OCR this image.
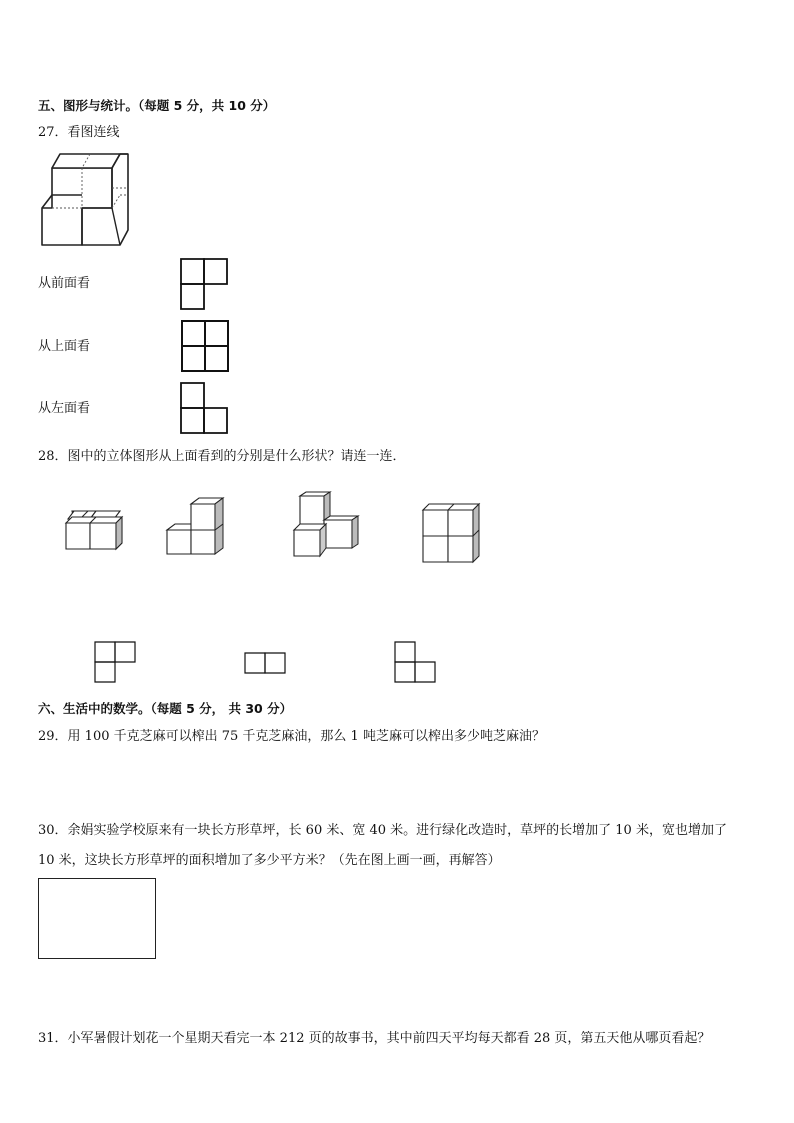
五、图形与统计。（每题 5 分，共 10 分）
27．看图连线
从前面看
从上面看
从左面看
28．图中的立体图形从上面看到的分别是什么形状？请连一连．
六、生活中的数学。（每题 5 分， 共 30 分）
29．用 100 千克芝麻可以榨出 75 千克芝麻油，那么 1 吨芝麻可以榨出多少吨芝麻油？
30．余娟实验学校原来有一块长方形草坪，长 60 米、宽 40 米。进行绿化改造时，草坪的长增加了 10 米，宽也增加了
10 米，这块长方形草坪的面积增加了多少平方米？（先在图上画一画，再解答）
31．小军暑假计划花一个星期天看完一本 212 页的故事书，其中前四天平均每天都看 28 页，第五天他从哪页看起？
